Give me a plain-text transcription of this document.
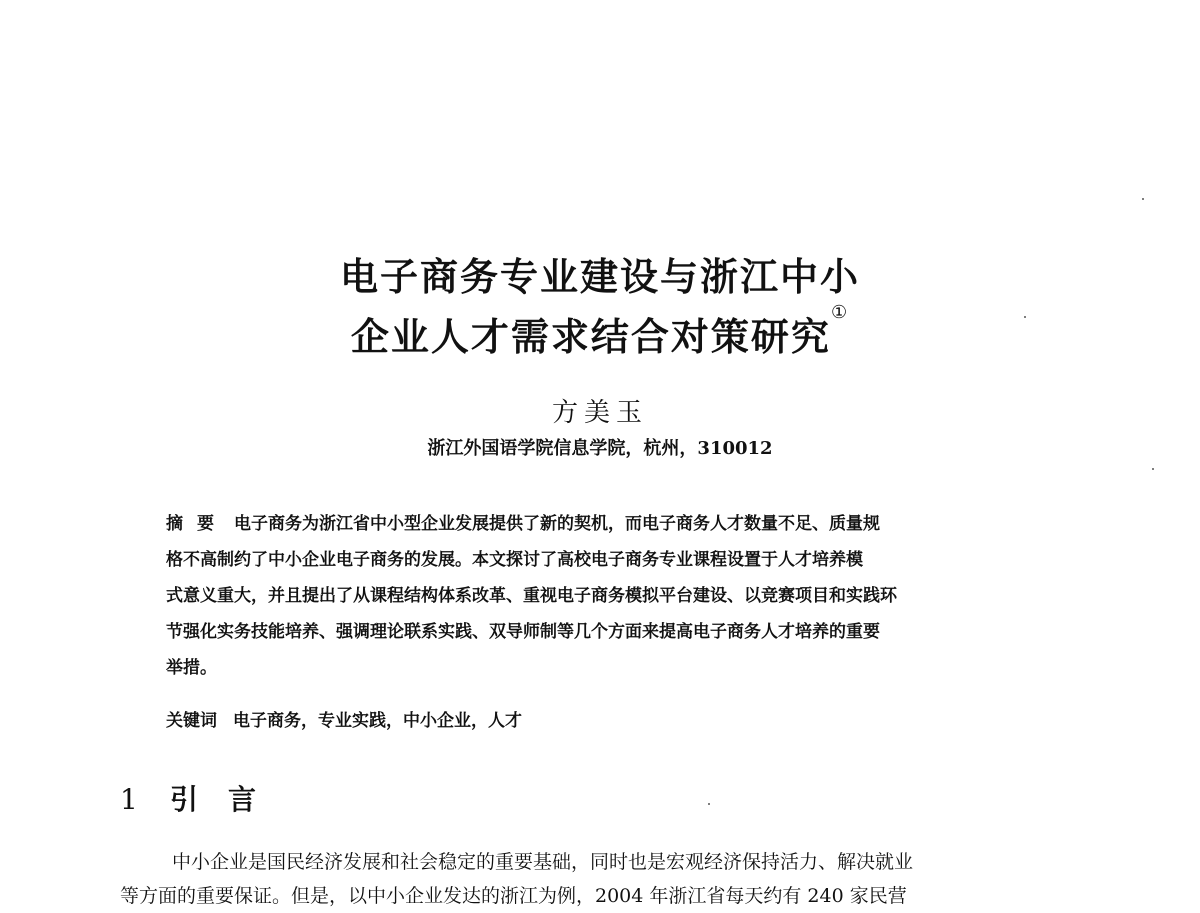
电子商务专业建设与浙江中小
企业人才需求结合对策研究①
方美玉
浙江外国语学院信息学院，杭州，310012
摘要 电子商务为浙江省中小型企业发展提供了新的契机，而电子商务人才数量不足、质量规
格不高制约了中小企业电子商务的发展。本文探讨了高校电子商务专业课程设置于人才培养模
式意义重大，并且提出了从课程结构体系改革、重视电子商务模拟平台建设、以竞赛项目和实践环
节强化实务技能培养、强调理论联系实践、双导师制等几个方面来提高电子商务人才培养的重要
举措。
关键词 电子商务，专业实践，中小企业，人才
1 引言
中小企业是国民经济发展和社会稳定的重要基础，同时也是宏观经济保持活力、解决就业
等方面的重要保证。但是，以中小企业发达的浙江为例，2004 年浙江省每天约有 240 家民营
